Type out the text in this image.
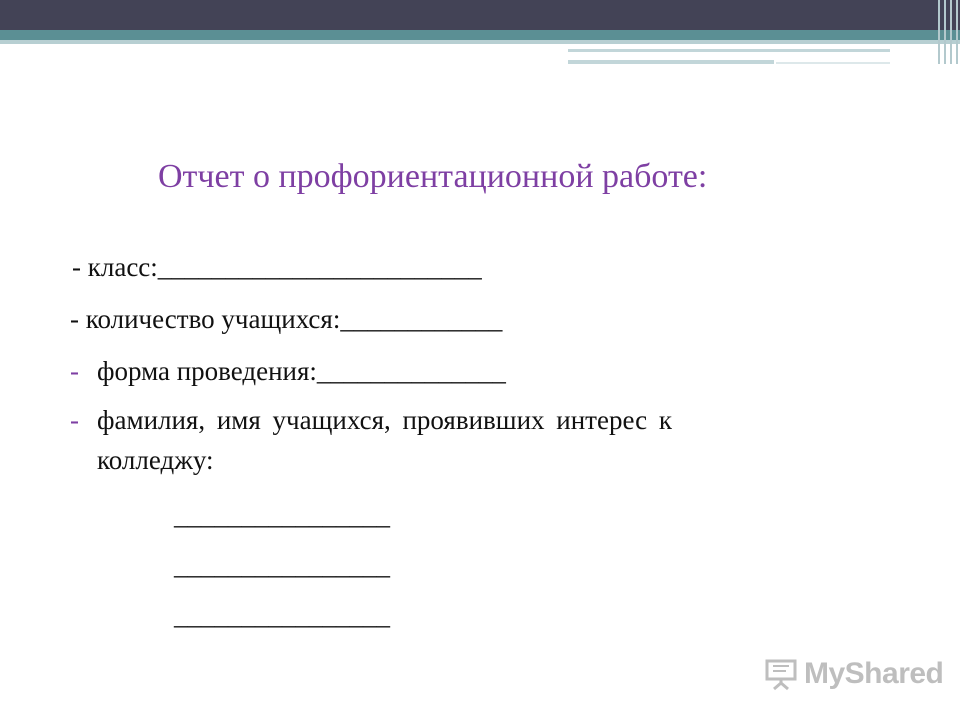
Отчет о профориентационной работе:
- класс:________________________
- количество учащихся:____________
- форма проведения:______________
- фамилия, имя учащихся, проявивших интерес к
колледжу:
________________
________________
________________
MyShared
